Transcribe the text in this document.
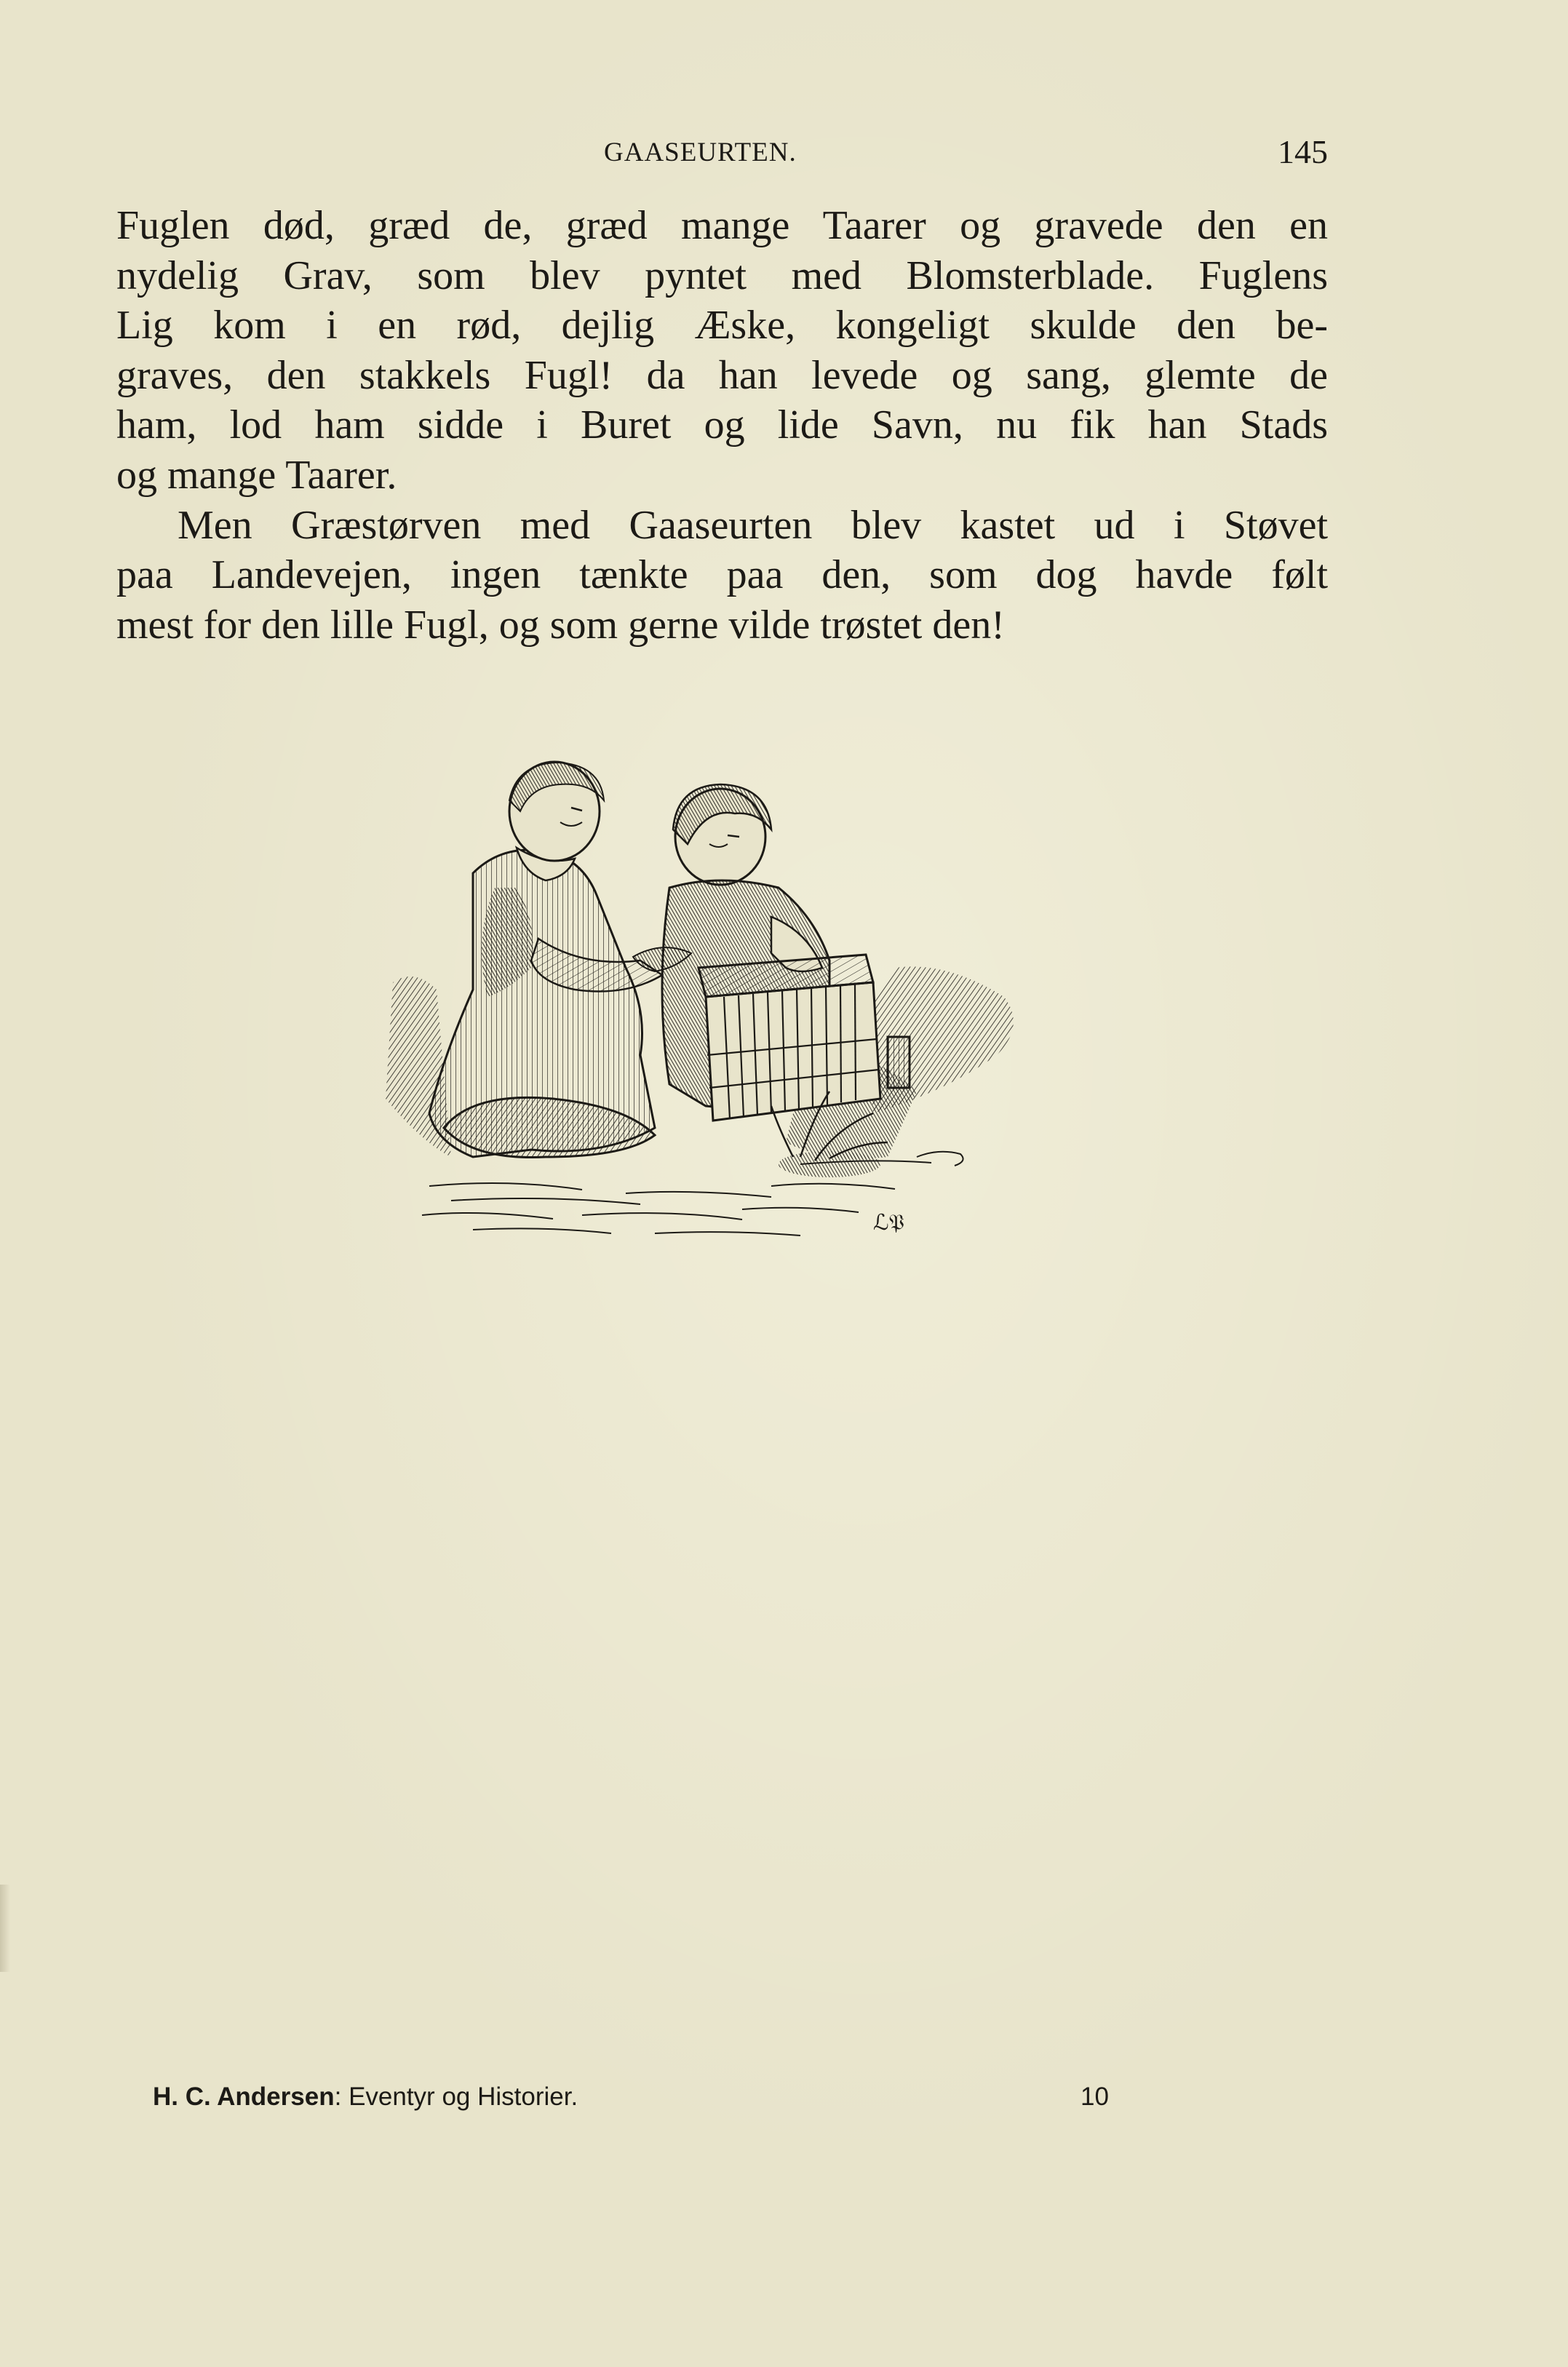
GAASEURTEN.	145

Fuglen død, græd de, græd mange Taarer og gravede den en
nydelig Grav, som blev pyntet med Blomsterblade. Fuglens
Lig kom i en rød, dejlig Æske, kongeligt skulde den be-
graves, den stakkels Fugl! da han levede og sang, glemte de
ham, lod ham sidde i Buret og lide Savn, nu fik han Stads
og mange Taarer.

Men Græstørven med Gaaseurten blev kastet ud i Støvet
paa Landevejen, ingen tænkte paa den, som dog havde følt
mest for den lille Fugl, og som gerne vilde trøstet den!

ℒ𝔓
H. C. Andersen: Eventyr og Historier.	10
